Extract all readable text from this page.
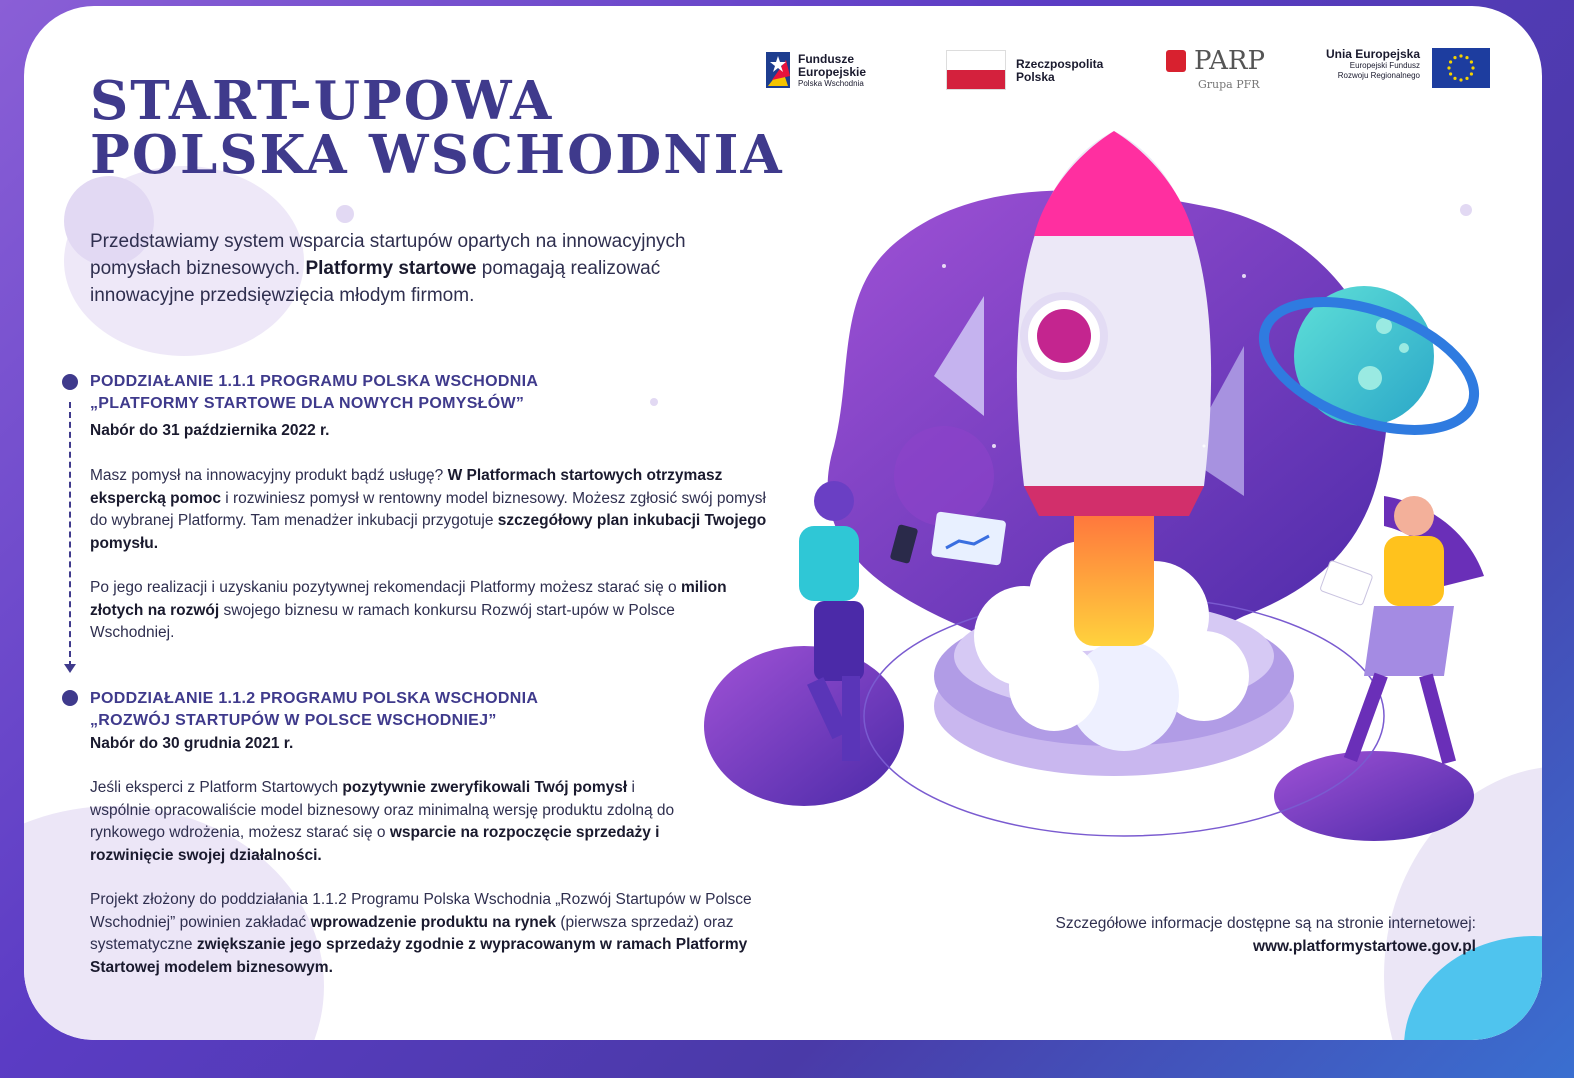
Fundusze
Europejskie
Polska Wschodnia
Rzeczpospolita
Polska
PARP
Grupa PFR
Unia Europejska
Europejski Fundusz
Rozwoju Regionalnego
START-UPOWA
POLSKA WSCHODNIA
Przedstawiamy system wsparcia startupów opartych na innowacyjnych pomysłach biznesowych. Platformy startowe pomagają realizować innowacyjne przedsięwzięcia młodym firmom.
PODDZIAŁANIE 1.1.1 PROGRAMU POLSKA WSCHODNIA
„PLATFORMY STARTOWE DLA NOWYCH POMYSŁÓW”
Nabór do 31 października 2022 r.
Masz pomysł na innowacyjny produkt bądź usługę? W Platformach startowych otrzymasz ekspercką pomoc i rozwiniesz pomysł w rentowny model biznesowy. Możesz zgłosić swój pomysł do wybranej Platformy. Tam menadżer inkubacji przygotuje szczegółowy plan inkubacji Twojego pomysłu.
Po jego realizacji i uzyskaniu pozytywnej rekomendacji Platformy możesz starać się o milion złotych na rozwój swojego biznesu w ramach konkursu Rozwój start-upów w Polsce Wschodniej.
PODDZIAŁANIE 1.1.2 PROGRAMU POLSKA WSCHODNIA
„ROZWÓJ STARTUPÓW W POLSCE WSCHODNIEJ”
Nabór do 30 grudnia 2021 r.
Jeśli eksperci z Platform Startowych pozytywnie zweryfikowali Twój pomysł i wspólnie opracowaliście model biznesowy oraz minimalną wersję produktu zdolną do rynkowego wdrożenia, możesz starać się o wsparcie na rozpoczęcie sprzedaży i rozwinięcie swojej działalności.
Projekt złożony do poddziałania 1.1.2 Programu Polska Wschodnia „Rozwój Startupów w Polsce Wschodniej” powinien zakładać wprowadzenie produktu na rynek (pierwsza sprzedaż) oraz systematyczne zwiększanie jego sprzedaży zgodnie z wypracowanym w ramach Platformy Startowej modelem biznesowym.
Szczegółowe informacje dostępne są na stronie internetowej:
www.platformystartowe.gov.pl
